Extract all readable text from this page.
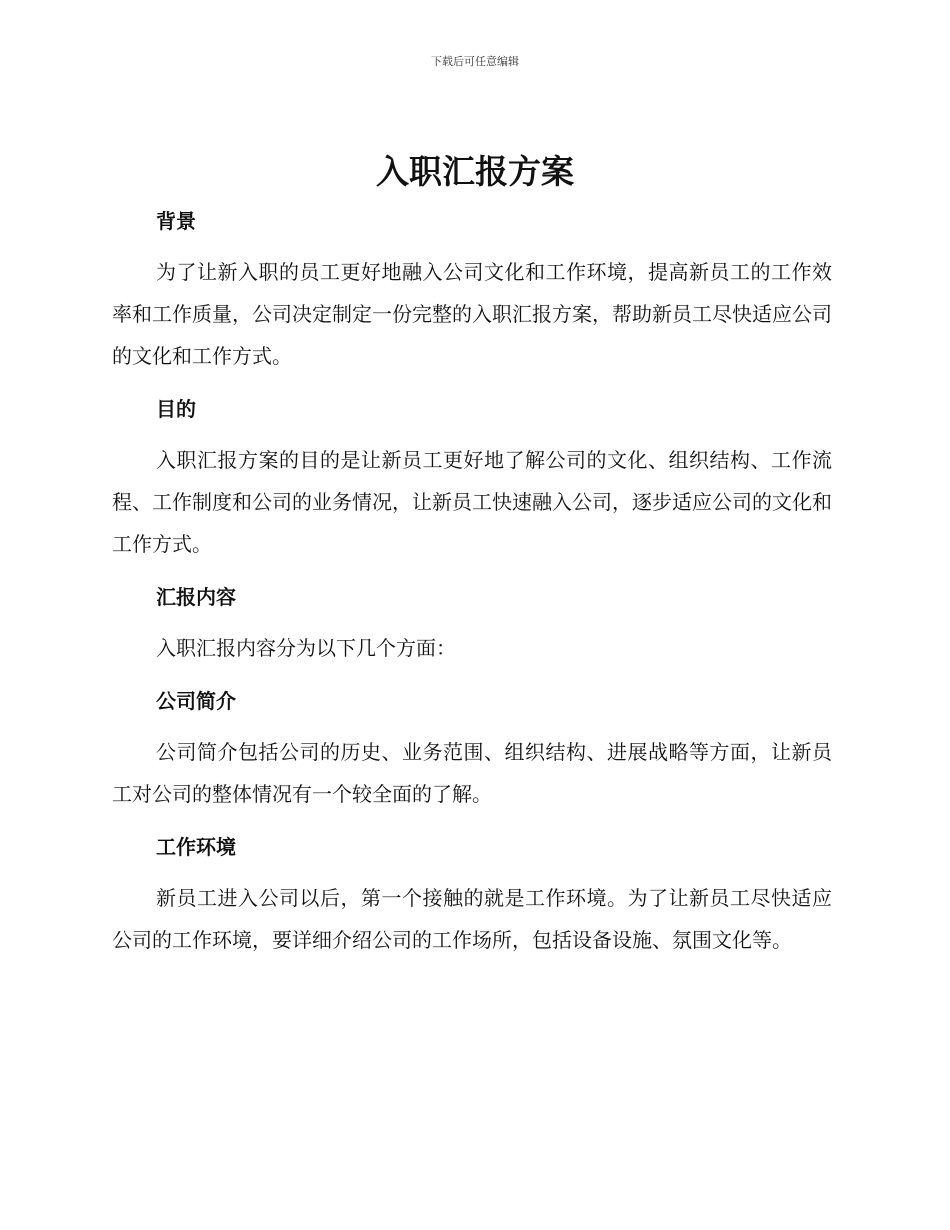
下载后可任意编辑
入职汇报方案
背景

为了让新入职的员工更好地融入公司文化和工作环境，提高新员工的工作效率和工作质量，公司决定制定一份完整的入职汇报方案，帮助新员工尽快适应公司的文化和工作方式。

目的

入职汇报方案的目的是让新员工更好地了解公司的文化、组织结构、工作流程、工作制度和公司的业务情况，让新员工快速融入公司，逐步适应公司的文化和工作方式。

汇报内容

入职汇报内容分为以下几个方面：

公司简介

公司简介包括公司的历史、业务范围、组织结构、进展战略等方面，让新员工对公司的整体情况有一个较全面的了解。

工作环境

新员工进入公司以后，第一个接触的就是工作环境。为了让新员工尽快适应公司的工作环境，要详细介绍公司的工作场所，包括设备设施、氛围文化等。
